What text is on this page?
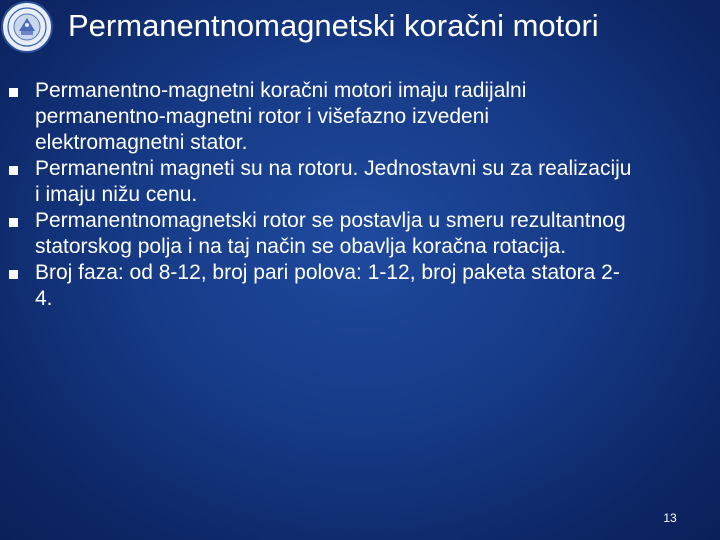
Permanentnomagnetski koračni motori
Permanentno-magnetni koračni motori imaju radijalni permanentno-magnetni rotor i višefazno izvedeni elektromagnetni stator.
Permanentni magneti su na rotoru. Jednostavni su za realizaciju i imaju nižu cenu.
Permanentnomagnetski rotor se postavlja u smeru rezultantnog statorskog polja i na taj način se obavlja koračna rotacija.
Broj faza: od 8-12, broj pari polova: 1-12, broj paketa statora 2-4.
13
